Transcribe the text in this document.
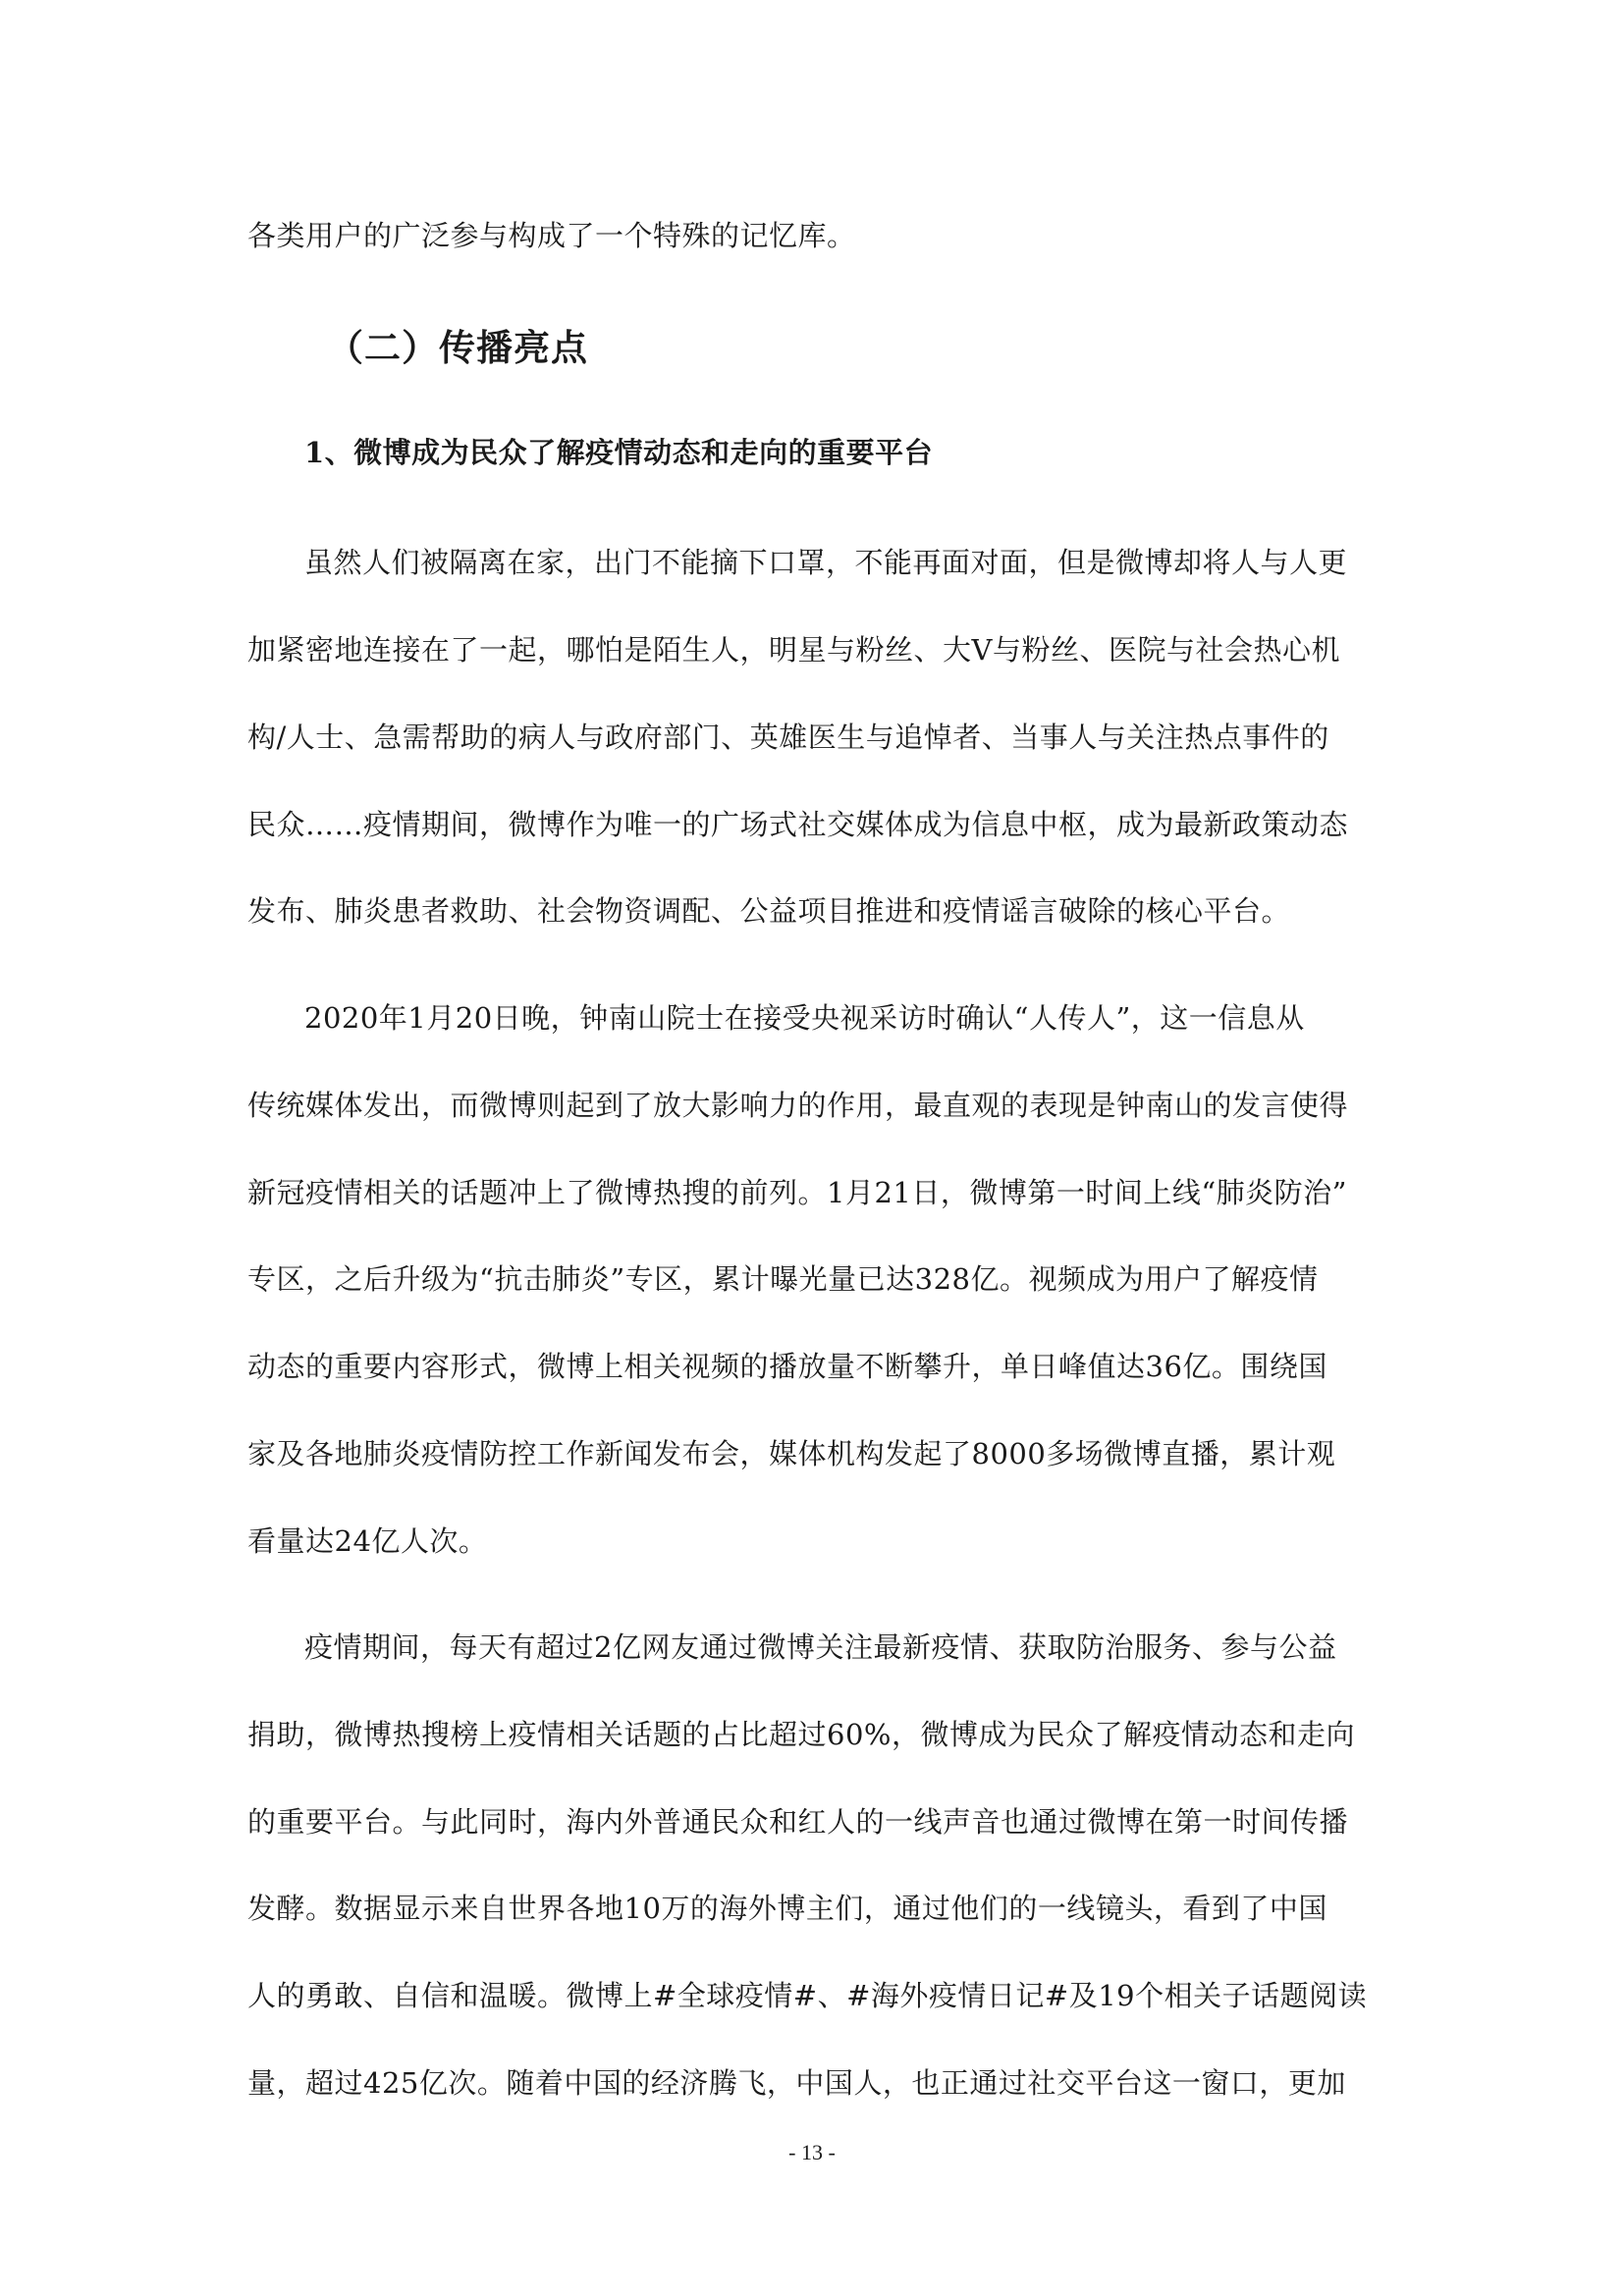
各类用户的广泛参与构成了一个特殊的记忆库。
（二）传播亮点
1、微博成为民众了解疫情动态和走向的重要平台
虽然人们被隔离在家，出门不能摘下口罩，不能再面对面，但是微博却将人与人更
加紧密地连接在了一起，哪怕是陌生人，明星与粉丝、大V与粉丝、医院与社会热心机
构/人士、急需帮助的病人与政府部门、英雄医生与追悼者、当事人与关注热点事件的
民众……疫情期间，微博作为唯一的广场式社交媒体成为信息中枢，成为最新政策动态
发布、肺炎患者救助、社会物资调配、公益项目推进和疫情谣言破除的核心平台。
2020年1月20日晚，钟南山院士在接受央视采访时确认“人传人”，这一信息从
传统媒体发出，而微博则起到了放大影响力的作用，最直观的表现是钟南山的发言使得
新冠疫情相关的话题冲上了微博热搜的前列。1月21日，微博第一时间上线“肺炎防治”
专区，之后升级为“抗击肺炎”专区，累计曝光量已达328亿。视频成为用户了解疫情
动态的重要内容形式，微博上相关视频的播放量不断攀升，单日峰值达36亿。围绕国
家及各地肺炎疫情防控工作新闻发布会，媒体机构发起了8000多场微博直播，累计观
看量达24亿人次。
疫情期间，每天有超过2亿网友通过微博关注最新疫情、获取防治服务、参与公益
捐助，微博热搜榜上疫情相关话题的占比超过60%，微博成为民众了解疫情动态和走向
的重要平台。与此同时，海内外普通民众和红人的一线声音也通过微博在第一时间传播
发酵。数据显示来自世界各地10万的海外博主们，通过他们的一线镜头，看到了中国
人的勇敢、自信和温暖。微博上#全球疫情#、#海外疫情日记#及19个相关子话题阅读
量，超过425亿次。随着中国的经济腾飞，中国人，也正通过社交平台这一窗口，更加
- 13 -
